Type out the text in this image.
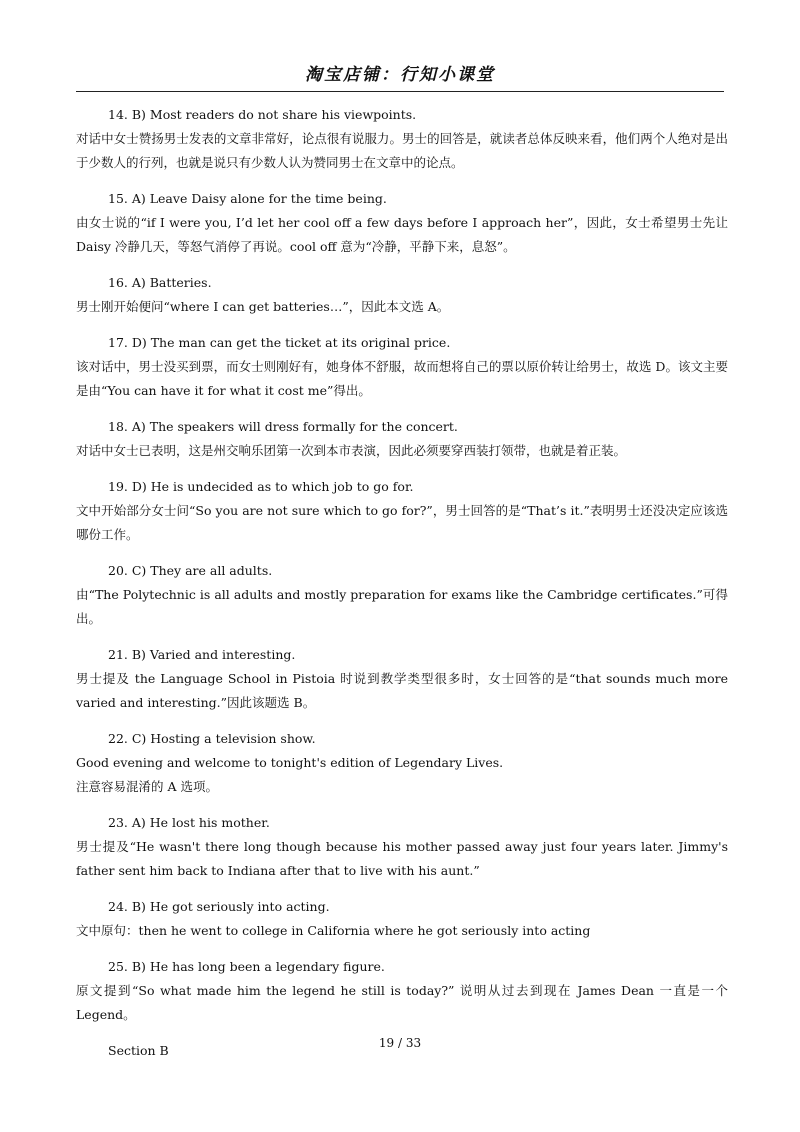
淘宝店铺：行知小课堂
14. B) Most readers do not share his viewpoints.
对话中女士赞扬男士发表的文章非常好，论点很有说服力。男士的回答是，就读者总体反映来看，他们两个人绝对是出于少数人的行列，也就是说只有少数人认为赞同男士在文章中的论点。
15. A) Leave Daisy alone for the time being.
由女士说的“if I were you, I’d let her cool off a few days before I approach her”，因此，女士希望男士先让 Daisy 冷静几天，等怒气消停了再说。cool off 意为“冷静，平静下来，息怒”。
16. A) Batteries.
男士刚开始便问“where I can get batteries…”，因此本文选 A。
17. D) The man can get the ticket at its original price.
该对话中，男士没买到票，而女士则刚好有，她身体不舒服，故而想将自己的票以原价转让给男士，故选 D。该文主要是由“You can have it for what it cost me”得出。
18. A) The speakers will dress formally for the concert.
对话中女士已表明，这是州交响乐团第一次到本市表演，因此必须要穿西装打领带，也就是着正装。
19. D) He is undecided as to which job to go for.
文中开始部分女士问“So you are not sure which to go for?”，男士回答的是“That’s it.”表明男士还没决定应该选哪份工作。
20. C) They are all adults.
由“The Polytechnic is all adults and mostly preparation for exams like the Cambridge certificates.”可得出。
21. B) Varied and interesting.
男士提及 the Language School in Pistoia 时说到教学类型很多时，女士回答的是“that sounds much more varied and interesting.”因此该题选 B。
22. C) Hosting a television show.
Good evening and welcome to tonight's edition of Legendary Lives.
注意容易混淆的 A 选项。
23. A) He lost his mother.
男士提及“He wasn't there long though because his mother passed away just four years later. Jimmy's father sent him back to Indiana after that to live with his aunt.”
24. B) He got seriously into acting.
文中原句：then he went to college in California where he got seriously into acting
25. B) He has long been a legendary figure.
原文提到“So what made him the legend he still is today?” 说明从过去到现在 James Dean 一直是一个 Legend。
Section B	19 / 33
